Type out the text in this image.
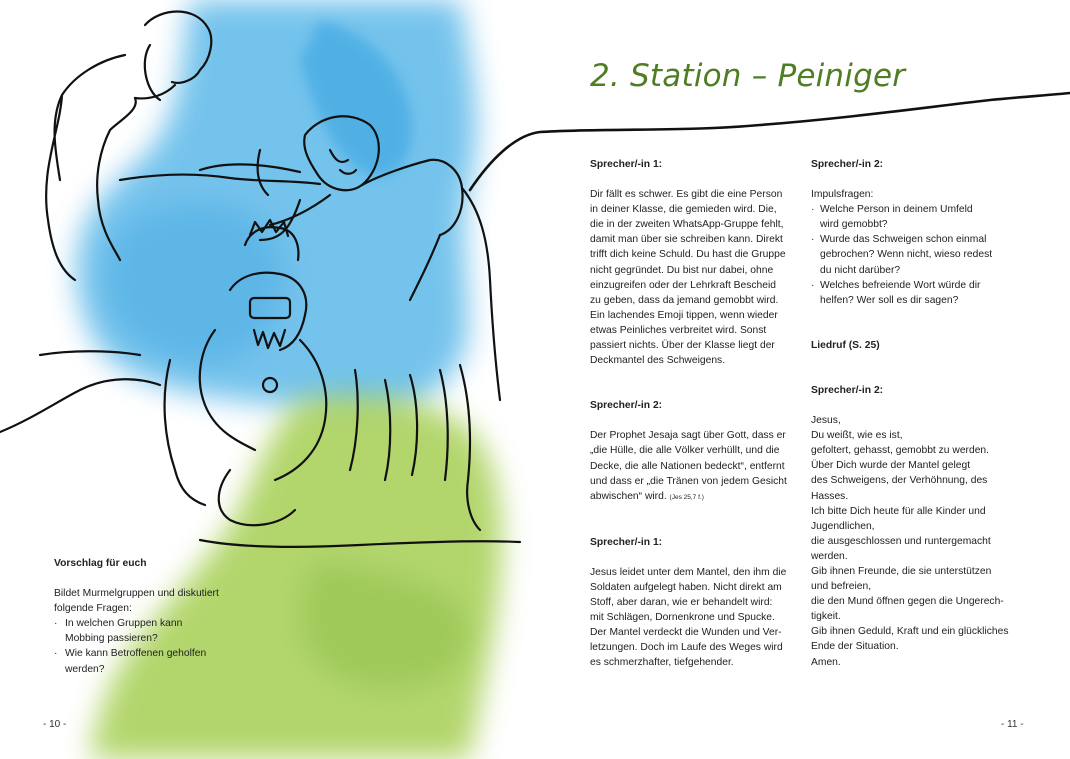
2. Station – Peiniger

Vorschlag für euch

Bildet Murmelgruppen und diskutiert
folgende Fragen:

· In welchen Gruppen kann
Mobbing passieren?
· Wie kann Betroffenen geholfen
werden?

Sprecher/-in 1:

Dir fällt es schwer. Es gibt die eine Person
in deiner Klasse, die gemieden wird. Die,
die in der zweiten WhatsApp-Gruppe fehlt,
damit man über sie schreiben kann. Direkt
trifft dich keine Schuld. Du hast die Gruppe
nicht gegründet. Du bist nur dabei, ohne
einzugreifen oder der Lehrkraft Bescheid
zu geben, dass da jemand gemobbt wird.
Ein lachendes Emoji tippen, wenn wieder
etwas Peinliches verbreitet wird. Sonst
passiert nichts. Über der Klasse liegt der
Deckmantel des Schweigens.

Sprecher/-in 2:

Der Prophet Jesaja sagt über Gott, dass er
„die Hülle, die alle Völker verhüllt, und die
Decke, die alle Nationen bedeckt“, entfernt
und dass er „die Tränen von jedem Gesicht
abwischen“ wird. (Jes 25,7 f.)

Sprecher/-in 1:

Jesus leidet unter dem Mantel, den ihm die
Soldaten aufgelegt haben. Nicht direkt am
Stoff, aber daran, wie er behandelt wird:
mit Schlägen, Dornenkrone und Spucke.
Der Mantel verdeckt die Wunden und Ver-
letzungen. Doch im Laufe des Weges wird
es schmerzhafter, tiefgehender.

Sprecher/-in 2:

Impulsfragen:

· Welche Person in deinem Umfeld
wird gemobbt?
· Wurde das Schweigen schon einmal
gebrochen? Wenn nicht, wieso redest
du nicht darüber?
· Welches befreiende Wort würde dir
helfen? Wer soll es dir sagen?

Liedruf (S. 25)

Sprecher/-in 2:

Jesus,
Du weißt, wie es ist,
gefoltert, gehasst, gemobbt zu werden.
Über Dich wurde der Mantel gelegt
des Schweigens, der Verhöhnung, des
Hasses.
Ich bitte Dich heute für alle Kinder und
Jugendlichen,
die ausgeschlossen und runtergemacht
werden.
Gib ihnen Freunde, die sie unterstützen
und befreien,
die den Mund öffnen gegen die Ungerech-
tigkeit.
Gib ihnen Geduld, Kraft und ein glückliches
Ende der Situation.
Amen.

- 10 -	- 11 -
